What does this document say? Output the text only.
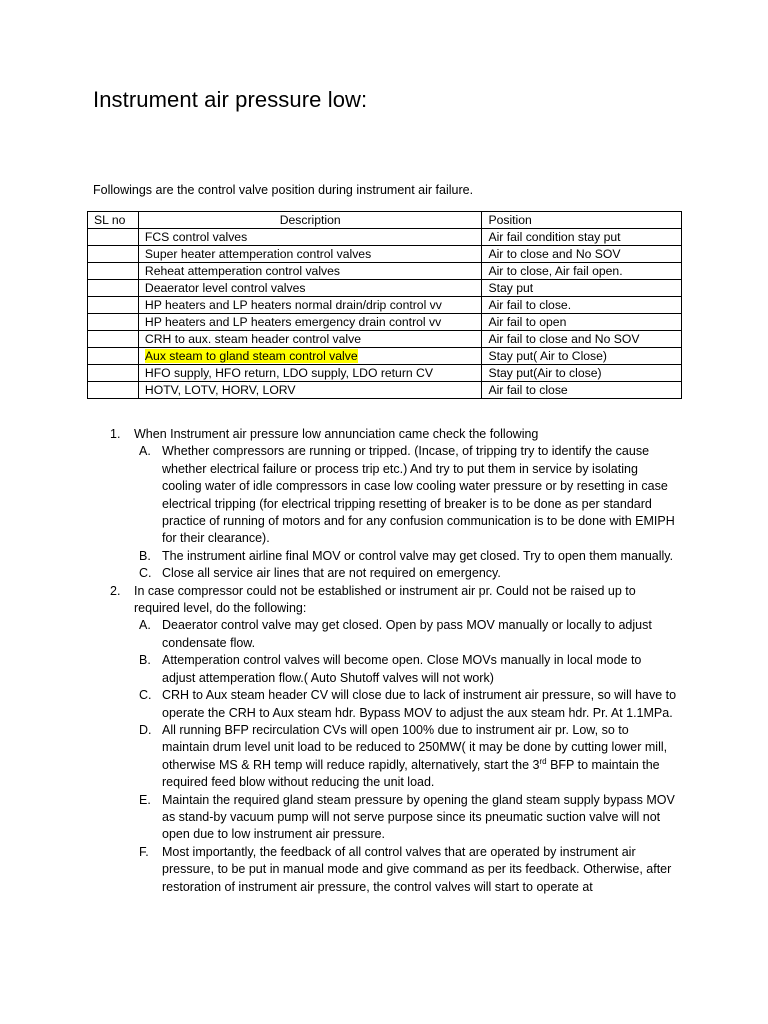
Instrument air pressure low:

Followings are the control valve position during instrument air failure.

SL no	Description	Position
	FCS control valves	Air fail condition stay put
	Super heater attemperation control valves	Air to close and No SOV
	Reheat attemperation control valves	Air to close, Air fail open.
	Deaerator level control valves	Stay put
	HP heaters and LP heaters normal drain/drip control vv	Air fail to close.
	HP heaters and LP heaters emergency drain control vv	Air fail to open
	CRH to aux. steam header control valve	Air fail to close and No SOV
	Aux steam to gland steam control valve	Stay put( Air to Close)
	HFO supply, HFO return, LDO supply, LDO return CV	Stay put(Air to close)
	HOTV, LOTV, HORV, LORV	Air fail to close
1. When Instrument air pressure low annunciation came check the following
A. Whether compressors are running or tripped. (Incase, of tripping try to identify the cause whether electrical failure or process trip etc.) And try to put them in service by isolating cooling water of idle compressors in case low cooling water pressure or by resetting in case electrical tripping (for electrical tripping resetting of breaker is to be done as per standard practice of running of motors and for any confusion communication is to be done with EMIPH for their clearance).
B. The instrument airline final MOV or control valve may get closed. Try to open them manually.
C. Close all service air lines that are not required on emergency.
2. In case compressor could not be established or instrument air pr. Could not be raised up to required level, do the following:
A. Deaerator control valve may get closed. Open by pass MOV manually or locally to adjust condensate flow.
B. Attemperation control valves will become open. Close MOVs manually in local mode to adjust attemperation flow.( Auto Shutoff valves will not work)
C. CRH to Aux steam header CV will close due to lack of instrument air pressure, so will have to operate the CRH to Aux steam hdr. Bypass MOV to adjust the aux steam hdr. Pr. At 1.1MPa.
D. All running BFP recirculation CVs will open 100% due to instrument air pr. Low, so to maintain drum level unit load to be reduced to 250MW( it may be done by cutting lower mill, otherwise MS & RH temp will reduce rapidly, alternatively, start the 3rd BFP to maintain the required feed blow without reducing the unit load.
E. Maintain the required gland steam pressure by opening the gland steam supply bypass MOV as stand-by vacuum pump will not serve purpose since its pneumatic suction valve will not open due to low instrument air pressure.
F. Most importantly, the feedback of all control valves that are operated by instrument air pressure, to be put in manual mode and give command as per its feedback. Otherwise, after restoration of instrument air pressure, the control valves will start to operate at
